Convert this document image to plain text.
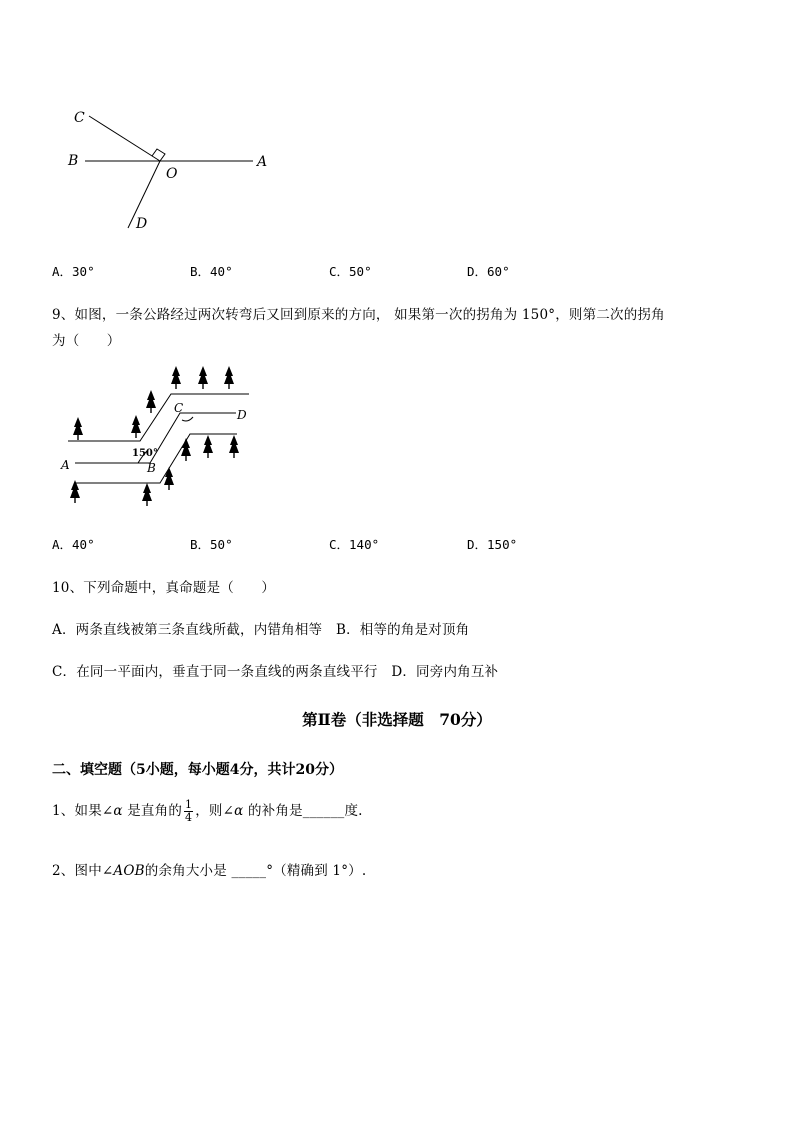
C
B
O
A
D
A．30°	B．40°	C．50°	D．60°
9、如图，一条公路经过两次转弯后又回到原来的方向， 如果第一次的拐角为 150°，则第二次的拐角
为（　　）
A	B
C	D
150°
A．40°	B．50°	C．140°	D．150°
10、下列命题中，真命题是（　　）
A．两条直线被第三条直线所截，内错角相等　B．相等的角是对顶角
C．在同一平面内，垂直于同一条直线的两条直线平行　D．同旁内角互补
第Ⅱ卷（非选择题　70分）
二、填空题（5小题，每小题4分，共计20分）
1、如果∠α 是直角的 $\frac{1}{4}$ ，则∠α 的补角是______度.
2、图中∠AOB的余角大小是 _____°（精确到 1°）.
